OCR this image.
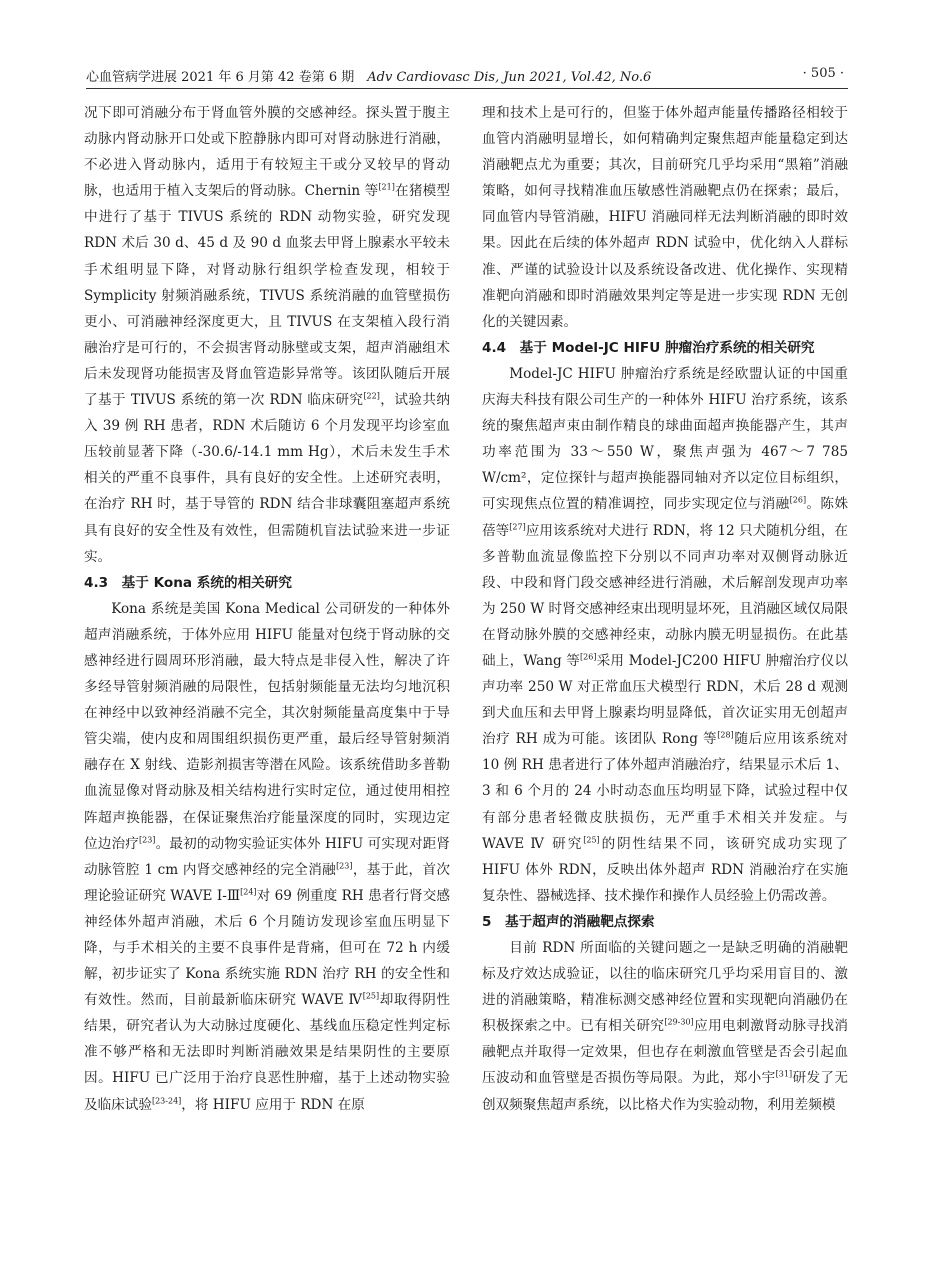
心血管病学进展 2021 年 6 月第 42 卷第 6 期　 Adv Cardiovasc Dis, Jun 2021, Vol.42, No.6	· 505 ·

况下即可消融分布于肾血管外膜的交感神经。探头置于腹主动脉内肾动脉开口处或下腔静脉内即可对肾动脉进行消融，不必进入肾动脉内，适用于有较短主干或分叉较早的肾动脉，也适用于植入支架后的肾动脉。Chernin 等[21]在猪模型中进行了基于 TIVUS 系统的 RDN 动物实验，研究发现 RDN 术后 30 d、45 d 及 90 d 血浆去甲肾上腺素水平较未手术组明显下降，对肾动脉行组织学检查发现，相较于 Symplicity 射频消融系统，TIVUS 系统消融的血管壁损伤更小、可消融神经深度更大，且 TIVUS 在支架植入段行消融治疗是可行的，不会损害肾动脉壁或支架，超声消融组术后未发现肾功能损害及肾血管造影异常等。该团队随后开展了基于 TIVUS 系统的第一次 RDN 临床研究[22]，试验共纳入 39 例 RH 患者，RDN 术后随访 6 个月发现平均诊室血压较前显著下降（-30.6/-14.1 mm Hg），术后未发生手术相关的严重不良事件，具有良好的安全性。上述研究表明，在治疗 RH 时，基于导管的 RDN 结合非球囊阻塞超声系统具有良好的安全性及有效性，但需随机盲法试验来进一步证实。

4.3　基于 Kona 系统的相关研究

Kona 系统是美国 Kona Medical 公司研发的一种体外超声消融系统，于体外应用 HIFU 能量对包绕于肾动脉的交感神经进行圆周环形消融，最大特点是非侵入性，解决了许多经导管射频消融的局限性，包括射频能量无法均匀地沉积在神经中以致神经消融不完全，其次射频能量高度集中于导管尖端，使内皮和周围组织损伤更严重，最后经导管射频消融存在 X 射线、造影剂损害等潜在风险。该系统借助多普勒血流显像对肾动脉及相关结构进行实时定位，通过使用相控阵超声换能器，在保证聚焦治疗能量深度的同时，实现边定位边治疗[23]。最初的动物实验证实体外 HIFU 可实现对距肾动脉管腔 1 cm 内肾交感神经的完全消融[23]，基于此，首次理论验证研究 WAVE Ⅰ-Ⅲ[24]对 69 例重度 RH 患者行肾交感神经体外超声消融，术后 6 个月随访发现诊室血压明显下降，与手术相关的主要不良事件是背痛，但可在 72 h 内缓解，初步证实了 Kona 系统实施 RDN 治疗 RH 的安全性和有效性。然而，目前最新临床研究 WAVE Ⅳ[25]却取得阴性结果，研究者认为大动脉过度硬化、基线血压稳定性判定标准不够严格和无法即时判断消融效果是结果阴性的主要原因。HIFU 已广泛用于治疗良恶性肿瘤，基于上述动物实验及临床试验[23-24]，将 HIFU 应用于 RDN 在原

理和技术上是可行的，但鉴于体外超声能量传播路径相较于血管内消融明显增长，如何精确判定聚焦超声能量稳定到达消融靶点尤为重要；其次，目前研究几乎均采用“黑箱”消融策略，如何寻找精准血压敏感性消融靶点仍在探索；最后，同血管内导管消融，HIFU 消融同样无法判断消融的即时效果。因此在后续的体外超声 RDN 试验中，优化纳入人群标准、严谨的试验设计以及系统设备改进、优化操作、实现精准靶向消融和即时消融效果判定等是进一步实现 RDN 无创化的关键因素。

4.4　基于 Model-JC HIFU 肿瘤治疗系统的相关研究

Model-JC HIFU 肿瘤治疗系统是经欧盟认证的中国重庆海夫科技有限公司生产的一种体外 HIFU 治疗系统，该系统的聚焦超声束由制作精良的球曲面超声换能器产生，其声功率范围为 33～550 W，聚焦声强为 467～7 785 W/cm²，定位探针与超声换能器同轴对齐以定位目标组织，可实现焦点位置的精准调控，同步实现定位与消融[26]。陈姝蓓等[27]应用该系统对犬进行 RDN，将 12 只犬随机分组，在多普勒血流显像监控下分别以不同声功率对双侧肾动脉近段、中段和肾门段交感神经进行消融，术后解剖发现声功率为 250 W 时肾交感神经束出现明显坏死，且消融区域仅局限在肾动脉外膜的交感神经束，动脉内膜无明显损伤。在此基础上，Wang 等[26]采用 Model-JC200 HIFU 肿瘤治疗仪以声功率 250 W 对正常血压犬模型行 RDN，术后 28 d 观测到犬血压和去甲肾上腺素均明显降低，首次证实用无创超声治疗 RH 成为可能。该团队 Rong 等[28]随后应用该系统对 10 例 RH 患者进行了体外超声消融治疗，结果显示术后 1、3 和 6 个月的 24 小时动态血压均明显下降，试验过程中仅有部分患者轻微皮肤损伤，无严重手术相关并发症。与 WAVE Ⅳ 研究[25]的阴性结果不同，该研究成功实现了 HIFU 体外 RDN，反映出体外超声 RDN 消融治疗在实施复杂性、器械选择、技术操作和操作人员经验上仍需改善。

5　基于超声的消融靶点探索

目前 RDN 所面临的关键问题之一是缺乏明确的消融靶标及疗效达成验证，以往的临床研究几乎均采用盲目的、激进的消融策略，精准标测交感神经位置和实现靶向消融仍在积极探索之中。已有相关研究[29-30]应用电刺激肾动脉寻找消融靶点并取得一定效果，但也存在刺激血管壁是否会引起血压波动和血管壁是否损伤等局限。为此，郑小宇[31]研发了无创双频聚焦超声系统，以比格犬作为实验动物，利用差频模
